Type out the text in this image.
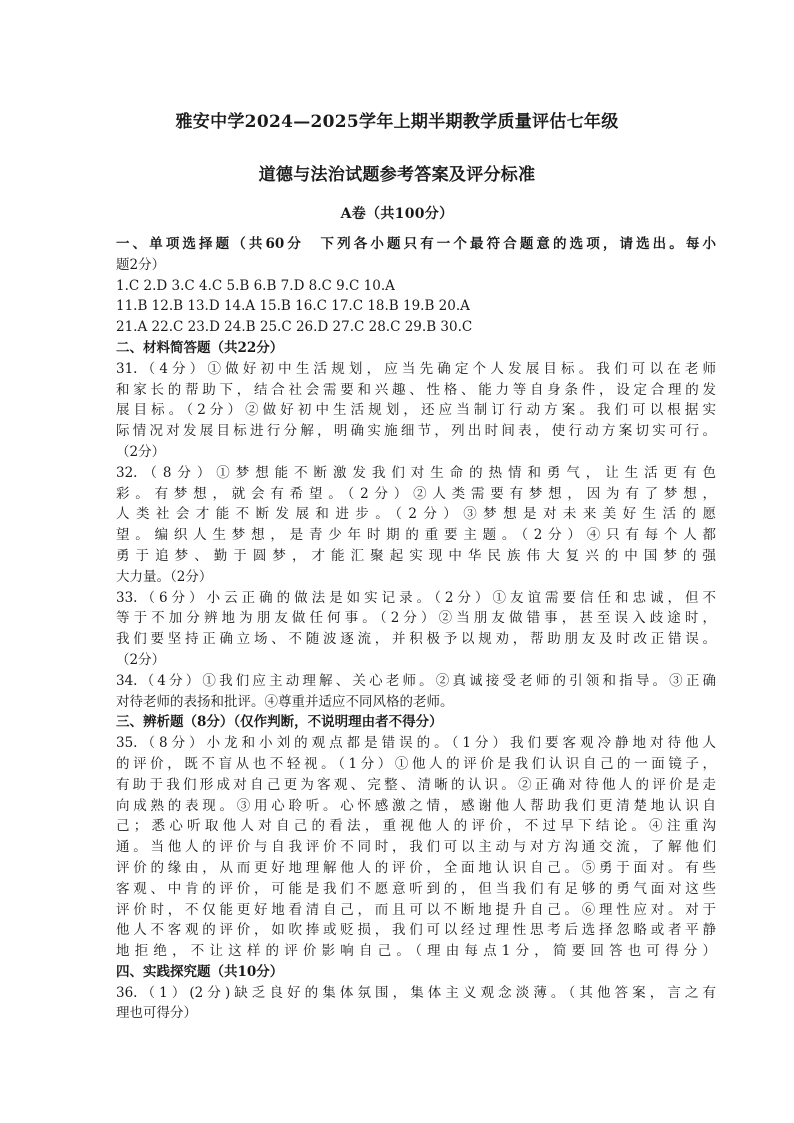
雅安中学2024—2025学年上期半期教学质量评估七年级
道德与法治试题参考答案及评分标准
A卷（共100分）
一、单项选择题（共60分　下列各小题只有一个最符合题意的选项，请选出。每小
题2分）
1.C 2.D 3.C 4.C 5.B 6.B 7.D 8.C 9.C 10.A
11.B 12.B 13.D 14.A 15.B 16.C 17.C 18.B 19.B 20.A
21.A 22.C 23.D 24.B 25.C 26.D 27.C 28.C 29.B 30.C
二、材料简答题（共22分）
31.（4分）①做好初中生活规划，应当先确定个人发展目标。我们可以在老师
和家长的帮助下，结合社会需要和兴趣、性格、能力等自身条件，设定合理的发
展目标。（2分）②做好初中生活规划，还应当制订行动方案。我们可以根据实
际情况对发展目标进行分解，明确实施细节，列出时间表，使行动方案切实可行。
（2分）
32.（8分）①梦想能不断激发我们对生命的热情和勇气，让生活更有色
彩。有梦想，就会有希望。（2分）②人类需要有梦想，因为有了梦想，
人类社会才能不断发展和进步。（2分）③梦想是对未来美好生活的愿
望。编织人生梦想，是青少年时期的重要主题。（2分）④只有每个人都
勇于追梦、勤于圆梦，才能汇聚起实现中华民族伟大复兴的中国梦的强
大力量。（2分）
33.（6分）小云正确的做法是如实记录。（2分）①友谊需要信任和忠诚，但不
等于不加分辨地为朋友做任何事。（2分）②当朋友做错事，甚至误入歧途时，
我们要坚持正确立场、不随波逐流，并积极予以规劝，帮助朋友及时改正错误。
（2分）
34.（4分）①我们应主动理解、关心老师。②真诚接受老师的引领和指导。③正确
对待老师的表扬和批评。④尊重并适应不同风格的老师。
三、辨析题（8分）（仅作判断，不说明理由者不得分）
35.（8分）小龙和小刘的观点都是错误的。（1分）我们要客观冷静地对待他人
的评价，既不盲从也不轻视。（1分）①他人的评价是我们认识自己的一面镜子，
有助于我们形成对自己更为客观、完整、清晰的认识。②正确对待他人的评价是走
向成熟的表现。③用心聆听。心怀感激之情，感谢他人帮助我们更清楚地认识自
己；悉心听取他人对自己的看法，重视他人的评价，不过早下结论。④注重沟
通。当他人的评价与自我评价不同时，我们可以主动与对方沟通交流，了解他们
评价的缘由，从而更好地理解他人的评价，全面地认识自己。⑤勇于面对。有些
客观、中肯的评价，可能是我们不愿意听到的，但当我们有足够的勇气面对这些
评价时，不仅能更好地看清自己，而且可以不断地提升自己。⑥理性应对。对于
他人不客观的评价，如吹捧或贬损，我们可以经过理性思考后选择忽略或者平静
地拒绝，不让这样的评价影响自己。（理由每点1分，简要回答也可得分）
四、实践探究题（共10分）
36.（1）(2分)缺乏良好的集体氛围，集体主义观念淡薄。（其他答案，言之有
理也可得分）
